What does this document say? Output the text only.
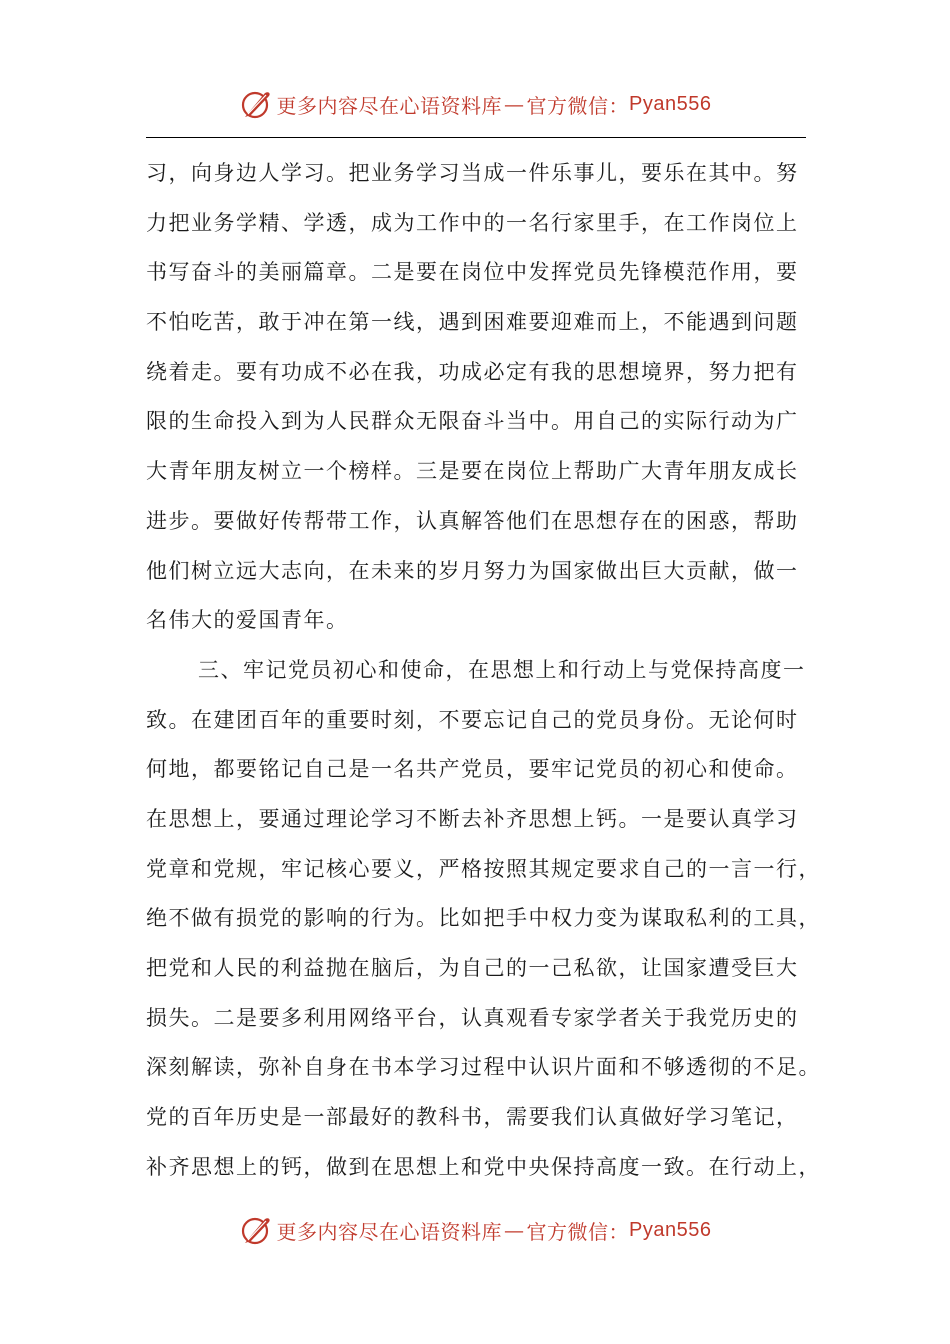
更多内容尽在心语资料库 — 官方微信： Pyan556
习，向身边人学习。把业务学习当成一件乐事儿，要乐在其中。努
力把业务学精、学透，成为工作中的一名行家里手，在工作岗位上
书写奋斗的美丽篇章。二是要在岗位中发挥党员先锋模范作用，要
不怕吃苦，敢于冲在第一线，遇到困难要迎难而上，不能遇到问题
绕着走。要有功成不必在我，功成必定有我的思想境界，努力把有
限的生命投入到为人民群众无限奋斗当中。用自己的实际行动为广
大青年朋友树立一个榜样。三是要在岗位上帮助广大青年朋友成长
进步。要做好传帮带工作，认真解答他们在思想存在的困惑，帮助
他们树立远大志向，在未来的岁月努力为国家做出巨大贡献，做一
名伟大的爱国青年。
三、牢记党员初心和使命，在思想上和行动上与党保持高度一
致。在建团百年的重要时刻，不要忘记自己的党员身份。无论何时
何地，都要铭记自己是一名共产党员，要牢记党员的初心和使命。
在思想上，要通过理论学习不断去补齐思想上钙。一是要认真学习
党章和党规，牢记核心要义，严格按照其规定要求自己的一言一行，
绝不做有损党的影响的行为。比如把手中权力变为谋取私利的工具，
把党和人民的利益抛在脑后，为自己的一己私欲，让国家遭受巨大
损失。二是要多利用网络平台，认真观看专家学者关于我党历史的
深刻解读，弥补自身在书本学习过程中认识片面和不够透彻的不足。
党的百年历史是一部最好的教科书，需要我们认真做好学习笔记，
补齐思想上的钙，做到在思想上和党中央保持高度一致。在行动上，
更多内容尽在心语资料库 — 官方微信： Pyan556
